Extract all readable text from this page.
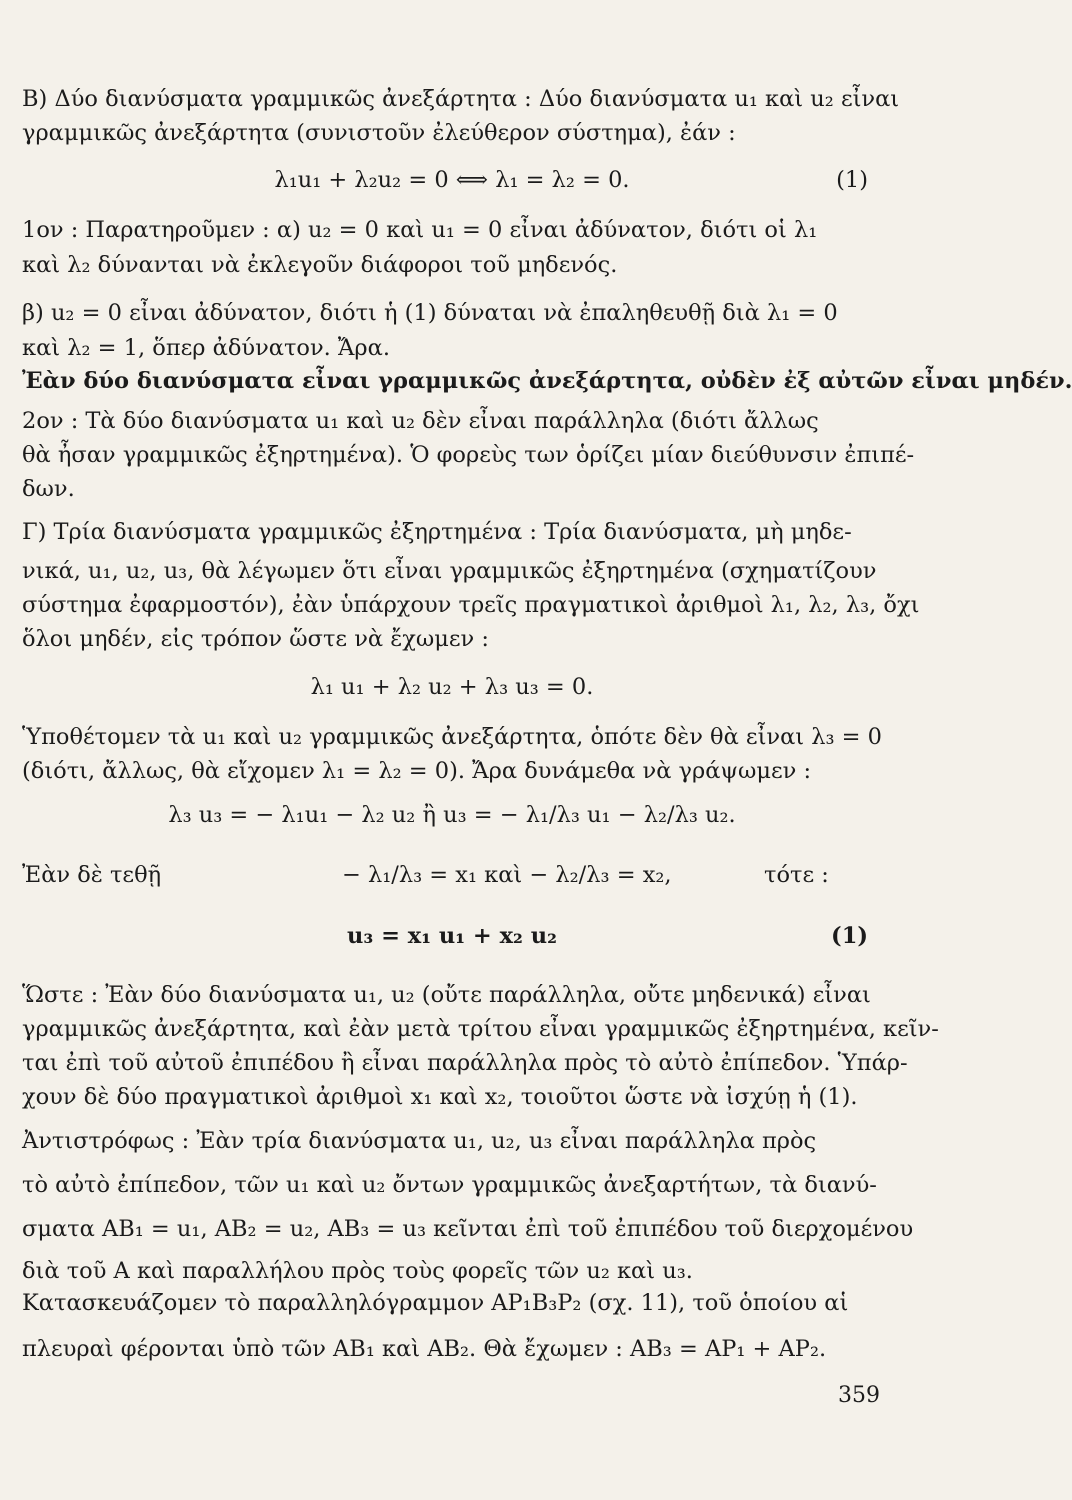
B) Δύο διανύσματα γραμμικῶς ἀνεξάρτητα : Δύο διανύσματα u₁ καὶ u₂ εἶναι
γραμμικῶς ἀνεξάρτητα (συνιστοῦν ἐλεύθερον σύστημα), ἐάν :
λ₁u₁ + λ₂u₂ = 0 ⟺ λ₁ = λ₂ = 0.	(1)
1ον : Παρατηροῦμεν : α) u₂ = 0 καὶ u₁ = 0 εἶναι ἀδύνατον, διότι οἱ λ₁
καὶ λ₂ δύνανται νὰ ἐκλεγοῦν διάφοροι τοῦ μηδενός.
β) u₂ = 0 εἶναι ἀδύνατον, διότι ἡ (1) δύναται νὰ ἐπαληθευθῇ διὰ λ₁ = 0
καὶ λ₂ = 1, ὅπερ ἀδύνατον. Ἄρα.
Ἐὰν δύο διανύσματα εἶναι γραμμικῶς ἀνεξάρτητα, οὐδὲν ἐξ αὐτῶν εἶναι μηδέν.
2ον : Τὰ δύο διανύσματα u₁ καὶ u₂ δὲν εἶναι παράλληλα (διότι ἄλλως
θὰ ἦσαν γραμμικῶς ἐξηρτημένα). Ὁ φορεὺς των ὁρίζει μίαν διεύθυνσιν ἐπιπέ-
δων.
Γ) Τρία διανύσματα γραμμικῶς ἐξηρτημένα : Τρία διανύσματα, μὴ μηδε-
νικά, u₁, u₂, u₃, θὰ λέγωμεν ὅτι εἶναι γραμμικῶς ἐξηρτημένα (σχηματίζουν
σύστημα ἐφαρμοστόν), ἐὰν ὑπάρχουν τρεῖς πραγματικοὶ ἀριθμοὶ λ₁, λ₂, λ₃, ὄχι
ὅλοι μηδέν, εἰς τρόπον ὥστε νὰ ἔχωμεν :
λ₁ u₁ + λ₂ u₂ + λ₃ u₃ = 0.
Ὑποθέτομεν τὰ u₁ καὶ u₂ γραμμικῶς ἀνεξάρτητα, ὁπότε δὲν θὰ εἶναι λ₃ = 0
(διότι, ἄλλως, θὰ εἴχομεν λ₁ = λ₂ = 0). Ἄρα δυνάμεθα νὰ γράψωμεν :
λ₃ u₃ = − λ₁u₁ − λ₂ u₂ ἢ u₃ = − λ₁/λ₃ u₁ − λ₂/λ₃ u₂.
Ἐὰν δὲ τεθῇ	− λ₁/λ₃ = x₁ καὶ − λ₂/λ₃ = x₂,	τότε :
u₃ = x₁ u₁ + x₂ u₂	(1)
Ὥστε : Ἐὰν δύο διανύσματα u₁, u₂ (οὔτε παράλληλα, οὔτε μηδενικά) εἶναι
γραμμικῶς ἀνεξάρτητα, καὶ ἐὰν μετὰ τρίτου εἶναι γραμμικῶς ἐξηρτημένα, κεῖν-
ται ἐπὶ τοῦ αὐτοῦ ἐπιπέδου ἢ εἶναι παράλληλα πρὸς τὸ αὐτὸ ἐπίπεδον. Ὑπάρ-
χουν δὲ δύο πραγματικοὶ ἀριθμοὶ x₁ καὶ x₂, τοιοῦτοι ὥστε νὰ ἰσχύῃ ἡ (1).
Ἀντιστρόφως : Ἐὰν τρία διανύσματα u₁, u₂, u₃ εἶναι παράλληλα πρὸς
τὸ αὐτὸ ἐπίπεδον, τῶν u₁ καὶ u₂ ὄντων γραμμικῶς ἀνεξαρτήτων, τὰ διανύ-
σματα AB₁ = u₁, AB₂ = u₂, AB₃ = u₃ κεῖνται ἐπὶ τοῦ ἐπιπέδου τοῦ διερχομένου
διὰ τοῦ A καὶ παραλλήλου πρὸς τοὺς φορεῖς τῶν u₂ καὶ u₃.
Κατασκευάζομεν τὸ παραλληλόγραμμον AP₁B₃P₂ (σχ. 11), τοῦ ὁποίου αἱ
πλευραὶ φέρονται ὑπὸ τῶν AB₁ καὶ AB₂. Θὰ ἔχωμεν : AB₃ = AP₁ + AP₂.
359
